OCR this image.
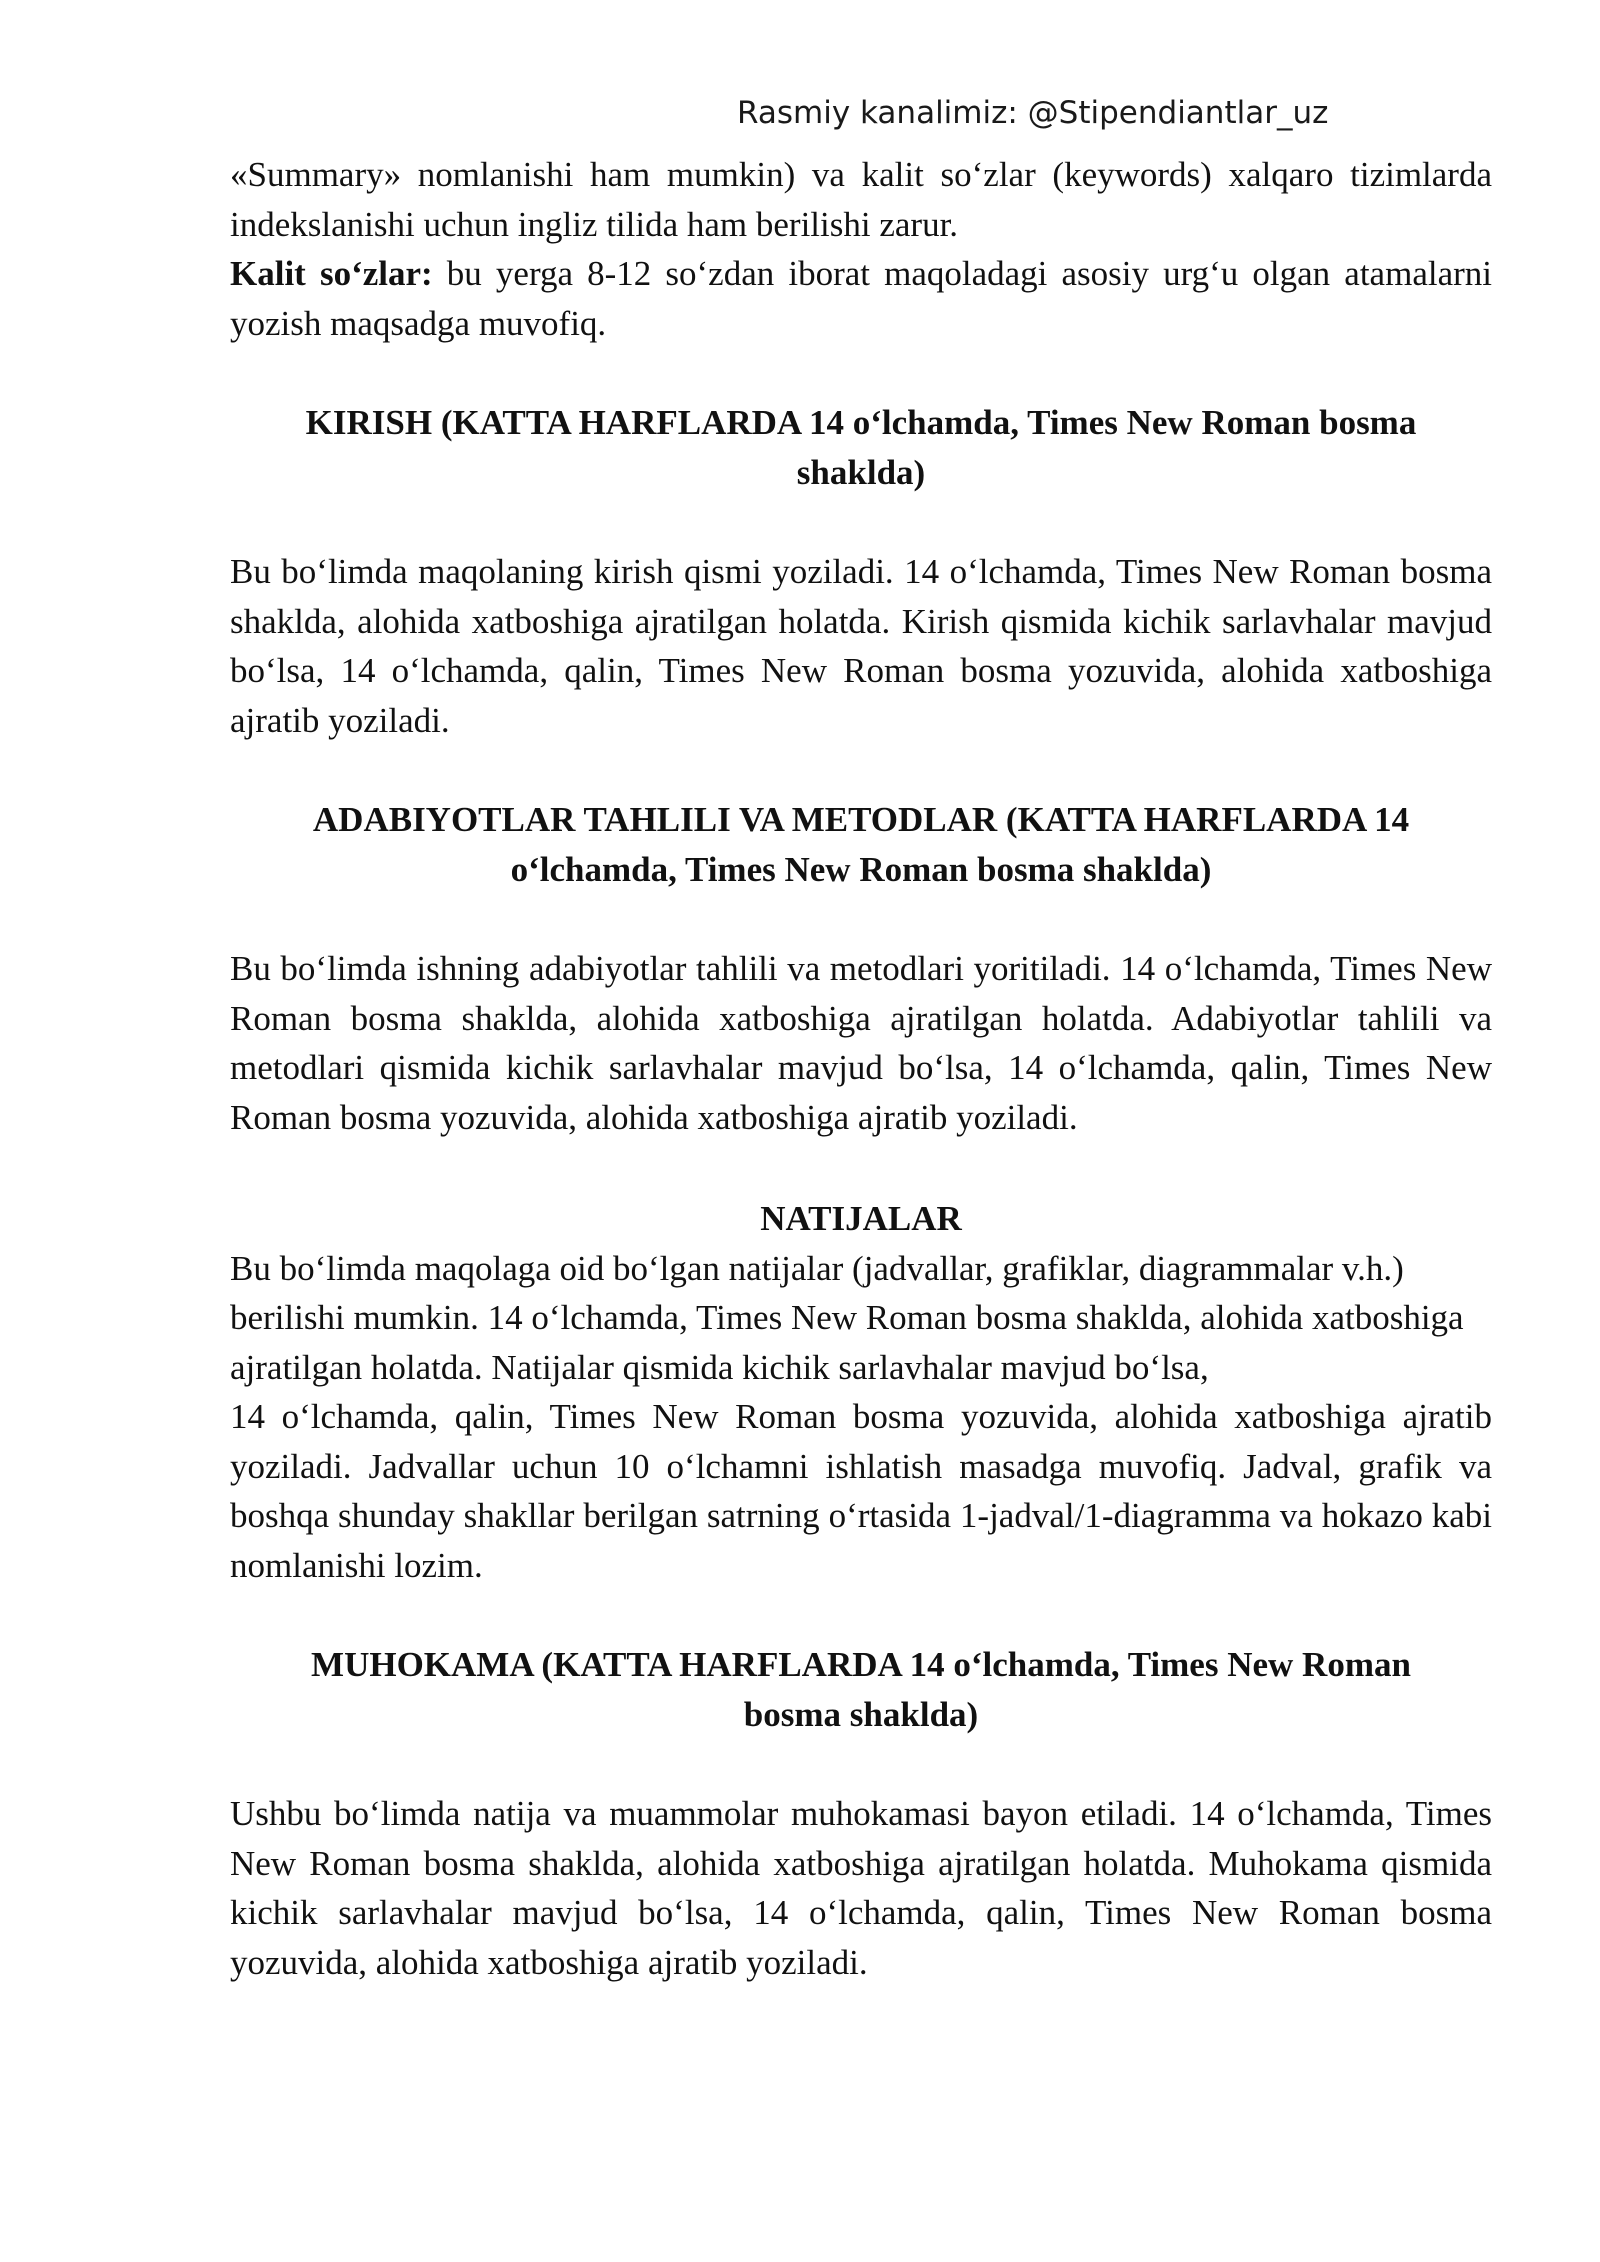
Rasmiy kanalimiz: @Stipendiantlar_uz

«Summary» nomlanishi ham mumkin) va kalit so‘zlar (keywords) xalqaro tizimlarda indekslanishi uchun ingliz tilida ham berilishi zarur.

Kalit so‘zlar: bu yerga 8-12 so‘zdan iborat maqoladagi asosiy urg‘u olgan atamalarni yozish maqsadga muvofiq.

KIRISH (KATTA HARFLARDA 14 o‘lchamda, Times New Roman bosma
shaklda)

Bu bo‘limda maqolaning kirish qismi yoziladi. 14 o‘lchamda, Times New Roman bosma shaklda, alohida xatboshiga ajratilgan holatda. Kirish qismida kichik sarlavhalar mavjud bo‘lsa, 14 o‘lchamda, qalin, Times New Roman bosma yozuvida, alohida xatboshiga ajratib yoziladi.

ADABIYOTLAR TAHLILI VA METODLAR (KATTA HARFLARDA 14
o‘lchamda, Times New Roman bosma shaklda)

Bu bo‘limda ishning adabiyotlar tahlili va metodlari yoritiladi. 14 o‘lchamda, Times New Roman bosma shaklda, alohida xatboshiga ajratilgan holatda. Adabiyotlar tahlili va metodlari qismida kichik sarlavhalar mavjud bo‘lsa, 14 o‘lchamda, qalin, Times New Roman bosma yozuvida, alohida xatboshiga ajratib yoziladi.

NATIJALAR

Bu bo‘limda maqolaga oid bo‘lgan natijalar (jadvallar, grafiklar, diagrammalar v.h.) berilishi mumkin. 14 o‘lchamda, Times New Roman bosma shaklda, alohida xatboshiga ajratilgan holatda. Natijalar qismida kichik sarlavhalar mavjud bo‘lsa,

14 o‘lchamda, qalin, Times New Roman bosma yozuvida, alohida xatboshiga ajratib yoziladi. Jadvallar uchun 10 o‘lchamni ishlatish masadga muvofiq. Jadval, grafik va boshqa shunday shakllar berilgan satrning o‘rtasida 1-jadval/1-diagramma va hokazo kabi nomlanishi lozim.

MUHOKAMA (KATTA HARFLARDA 14 o‘lchamda, Times New Roman
bosma shaklda)

Ushbu bo‘limda natija va muammolar muhokamasi bayon etiladi. 14 o‘lchamda, Times New Roman bosma shaklda, alohida xatboshiga ajratilgan holatda. Muhokama qismida kichik sarlavhalar mavjud bo‘lsa, 14 o‘lchamda, qalin, Times New Roman bosma yozuvida, alohida xatboshiga ajratib yoziladi.
